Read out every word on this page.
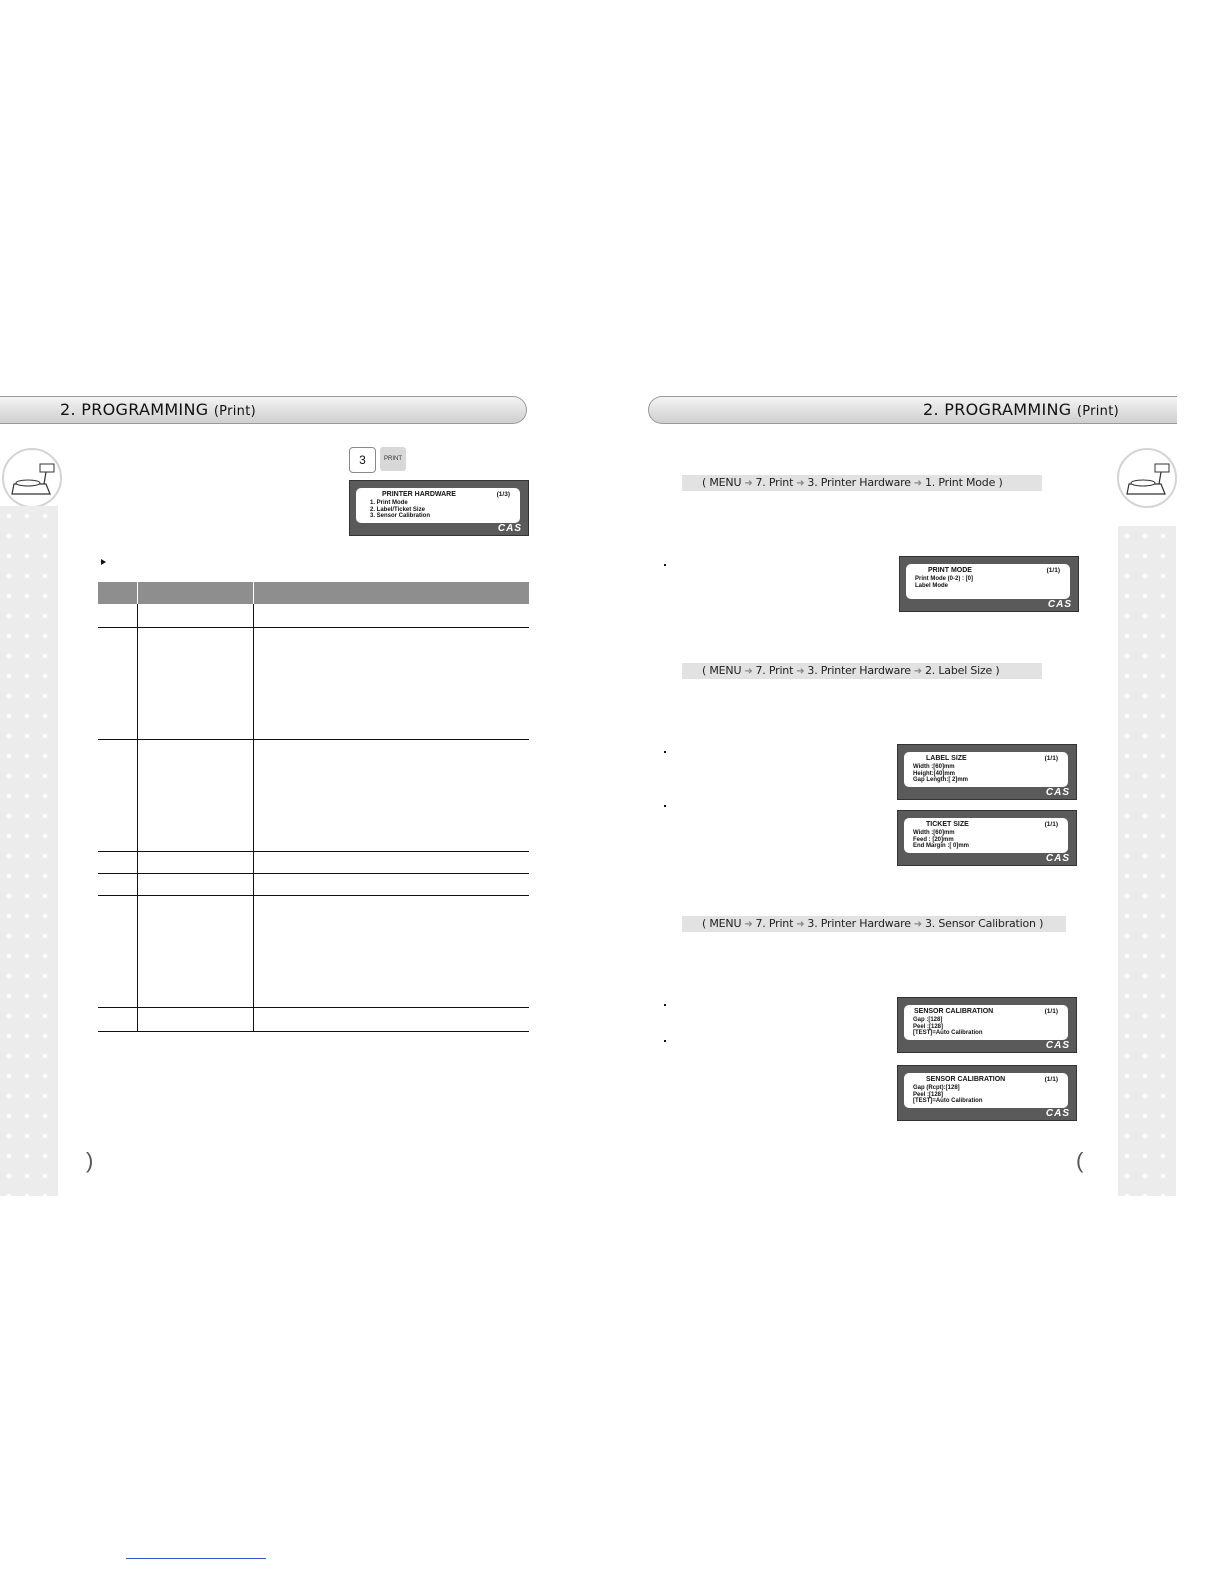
2. PROGRAMMING (Print)
3	PRINT
PRINTER HARDWARE	(1/3)
1. Print Mode
2. Label/Ticket Size
3. Sensor Calibration
CAS
)
2. PROGRAMMING (Print)
( MENU ➜ 7. Print ➜ 3. Printer Hardware ➜ 1. Print Mode )
PRINT MODE	(1/1)
Print Mode (0-2) : [0]
Label Mode
CAS
( MENU ➜ 7. Print ➜ 3. Printer Hardware ➜ 2. Label Size )
LABEL SIZE	(1/1)
Width :[60]mm
Height:[40]mm
Gap Length:[ 2]mm
CAS
TICKET SIZE	(1/1)
Width :[60]mm
Feed : [20]mm
End Margin :[ 0]mm
CAS
( MENU ➜ 7. Print ➜ 3. Printer Hardware ➜ 3. Sensor Calibration )
SENSOR CALIBRATION	(1/1)
Gap :[128]
Peel :[128]
[TEST]=Auto Calibration
CAS
SENSOR CALIBRATION	(1/1)
Gap (Rcpt):[128]
Peel :[128]
[TEST]=Auto Calibration
CAS
(
